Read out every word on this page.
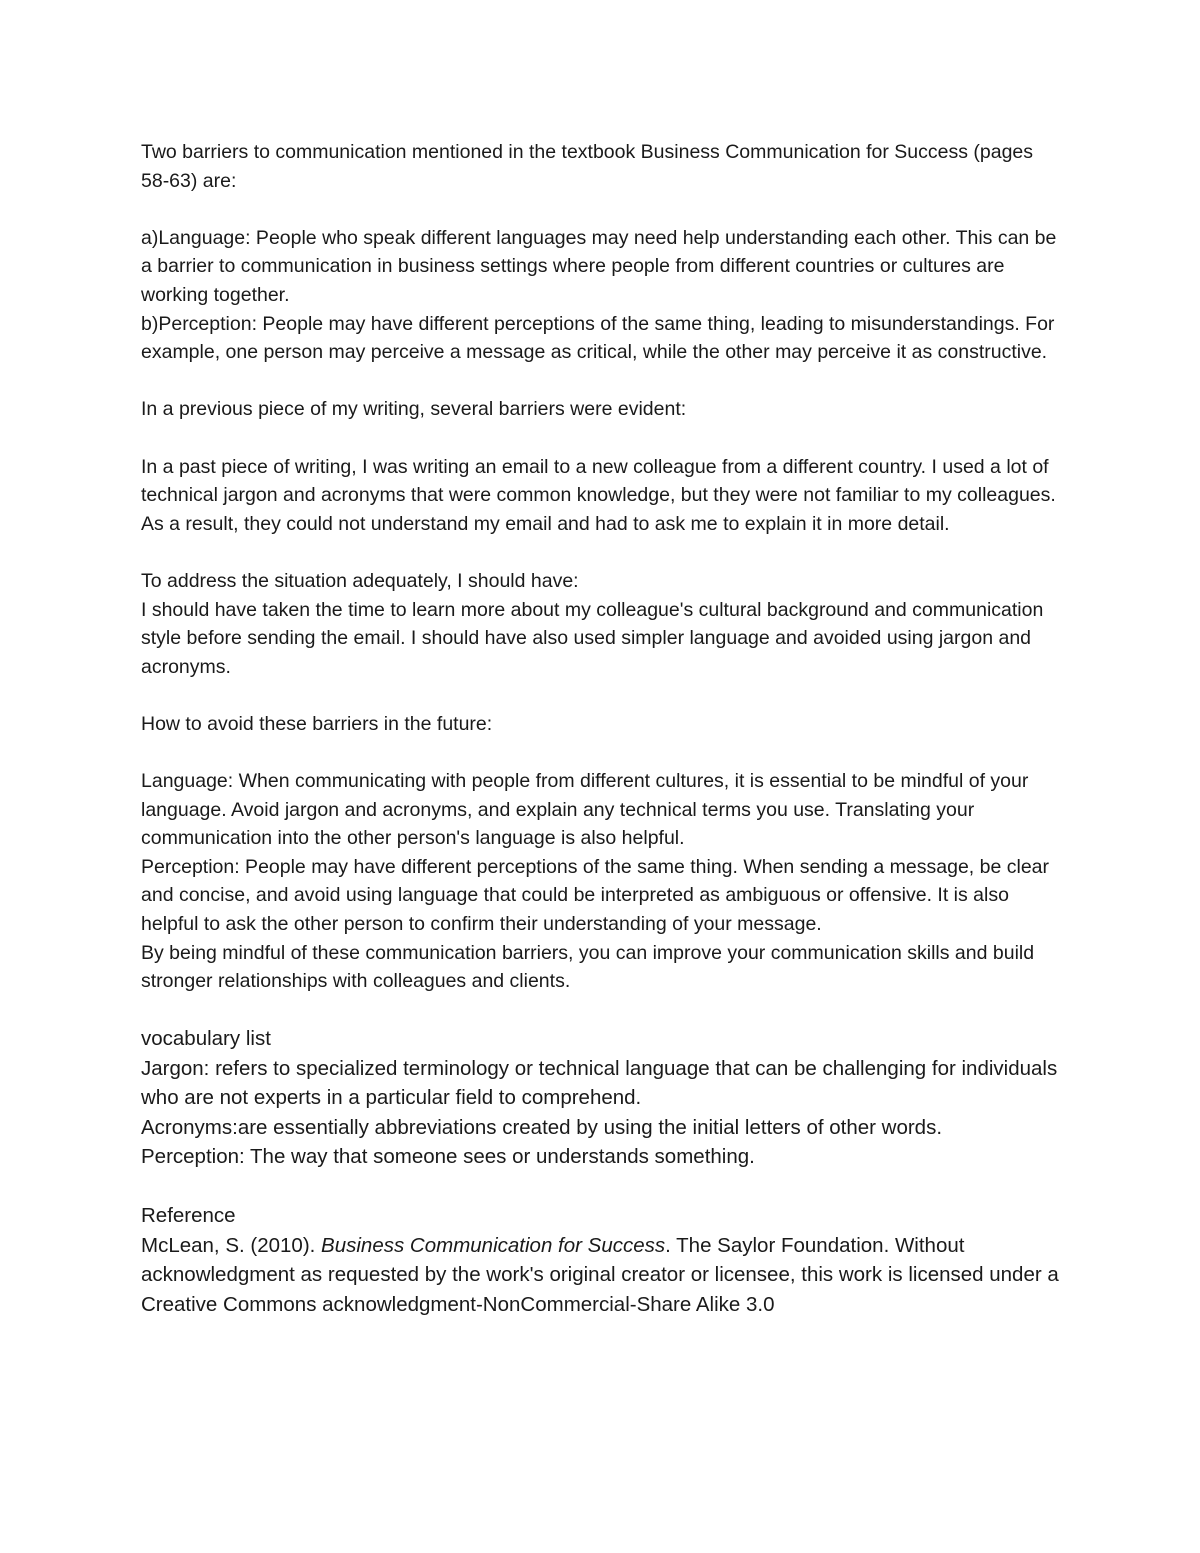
Two barriers to communication mentioned in the textbook Business Communication for Success (pages 58-63) are:

a)Language: People who speak different languages may need help understanding each other. This can be a barrier to communication in business settings where people from different countries or cultures are working together.

b)Perception: People may have different perceptions of the same thing, leading to misunderstandings. For example, one person may perceive a message as critical, while the other may perceive it as constructive.

In a previous piece of my writing, several barriers were evident:

In a past piece of writing, I was writing an email to a new colleague from a different country. I used a lot of technical jargon and acronyms that were common knowledge, but they were not familiar to my colleagues. As a result, they could not understand my email and had to ask me to explain it in more detail.

To address the situation adequately, I should have:

I should have taken the time to learn more about my colleague's cultural background and communication style before sending the email. I should have also used simpler language and avoided using jargon and acronyms.

How to avoid these barriers in the future:

Language: When communicating with people from different cultures, it is essential to be mindful of your language. Avoid jargon and acronyms, and explain any technical terms you use. Translating your communication into the other person's language is also helpful.

Perception: People may have different perceptions of the same thing. When sending a message, be clear and concise, and avoid using language that could be interpreted as ambiguous or offensive. It is also helpful to ask the other person to confirm their understanding of your message.

By being mindful of these communication barriers, you can improve your communication skills and build stronger relationships with colleagues and clients.

vocabulary list

Jargon: refers to specialized terminology or technical language that can be challenging for individuals who are not experts in a particular field to comprehend.

Acronyms:are essentially abbreviations created by using the initial letters of other words.

Perception: The way that someone sees or understands something.

Reference

McLean, S. (2010). Business Communication for Success. The Saylor Foundation. Without acknowledgment as requested by the work's original creator or licensee, this work is licensed under a Creative Commons acknowledgment-NonCommercial-Share Alike 3.0
